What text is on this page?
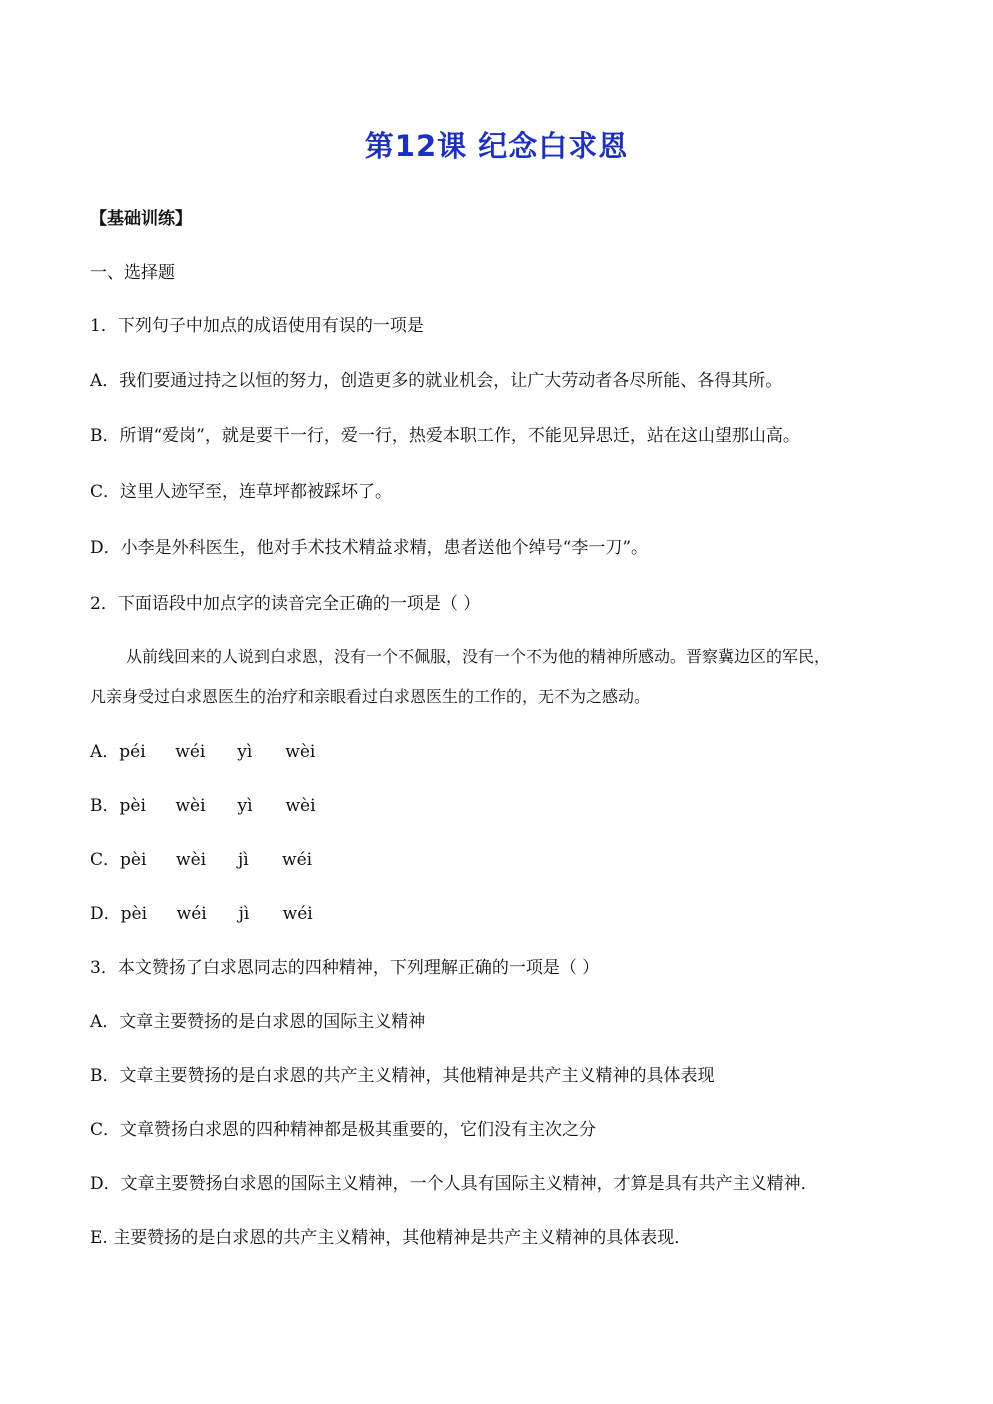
第12课 纪念白求恩
【基础训练】
一、选择题
1．下列句子中加点的成语使用有误的一项是
A．我们要通过持之以恒的努力，创造更多的就业机会，让广大劳动者各尽所能、各得其所。
B．所谓“爱岗”，就是要干一行，爱一行，热爱本职工作，不能见异思迁，站在这山望那山高。
C．这里人迹罕至，连草坪都被踩坏了。
D．小李是外科医生，他对手术技术精益求精，患者送他个绰号“李一刀”。
2．下面语段中加点字的读音完全正确的一项是（ ）
从前线回来的人说到白求恩，没有一个不佩服，没有一个不为他的精神所感动。晋察冀边区的军民，
凡亲身受过白求恩医生的治疗和亲眼看过白求恩医生的工作的，无不为之感动。
A．péi wéi yì wèi
B．pèi wèi yì wèi
C．pèi wèi jì wéi
D．pèi wéi jì wéi
3．本文赞扬了白求恩同志的四种精神，下列理解正确的一项是（ ）
A．文章主要赞扬的是白求恩的国际主义精神
B．文章主要赞扬的是白求恩的共产主义精神，其他精神是共产主义精神的具体表现
C．文章赞扬白求恩的四种精神都是极其重要的，它们没有主次之分
D．文章主要赞扬白求恩的国际主义精神，一个人具有国际主义精神，才算是具有共产主义精神．
E. 主要赞扬的是白求恩的共产主义精神，其他精神是共产主义精神的具体表现．
